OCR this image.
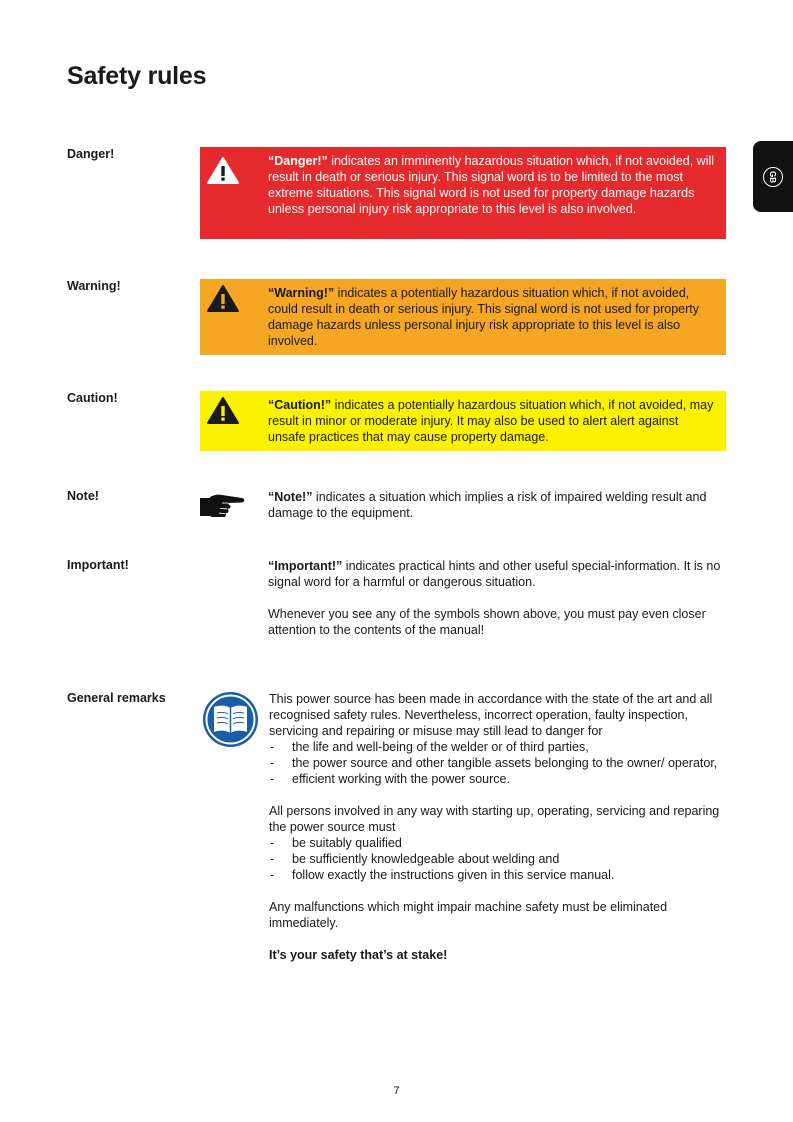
Safety rules
GB
Danger!	“Danger!” indicates an imminently hazardous situation which, if not avoided, will result in death or serious injury. This signal word is to be limited to the most extreme situations. This signal word is not used for property damage hazards unless personal injury risk appropriate to this level is also involved.
Warning!	“Warning!” indicates a potentially hazardous situation which, if not avoided, could result in death or serious injury. This signal word is not used for property damage hazards unless personal injury risk appropriate to this level is also involved.
Caution!	“Caution!” indicates a potentially hazardous situation which, if not avoided, may result in minor or moderate injury. It may also be used to alert alert against unsafe practices that may cause property damage.
Note!	“Note!” indicates a situation which implies a risk of impaired welding result and damage to the equipment.
Important!	“Important!” indicates practical hints and other useful special-information. It is no signal word for a harmful or dangerous situation.

Whenever you see any of the symbols shown above, you must pay even closer attention to the contents of the manual!

General remarks	This power source has been made in accordance with the state of the art and all recognised safety rules. Nevertheless, incorrect operation, faulty inspection, servicing and repairing or misuse may still lead to danger for

- the life and well-being of the welder or of third parties,
- the power source and other tangible assets belonging to the owner/ operator,
- efficient working with the power source.

All persons involved in any way with starting up, operating, servicing and reparing the power source must

- be suitably qualified
- be sufficiently knowledgeable about welding and
- follow exactly the instructions given in this service manual.

Any malfunctions which might impair machine safety must be eliminated immediately.

It’s your safety that’s at stake!

7
